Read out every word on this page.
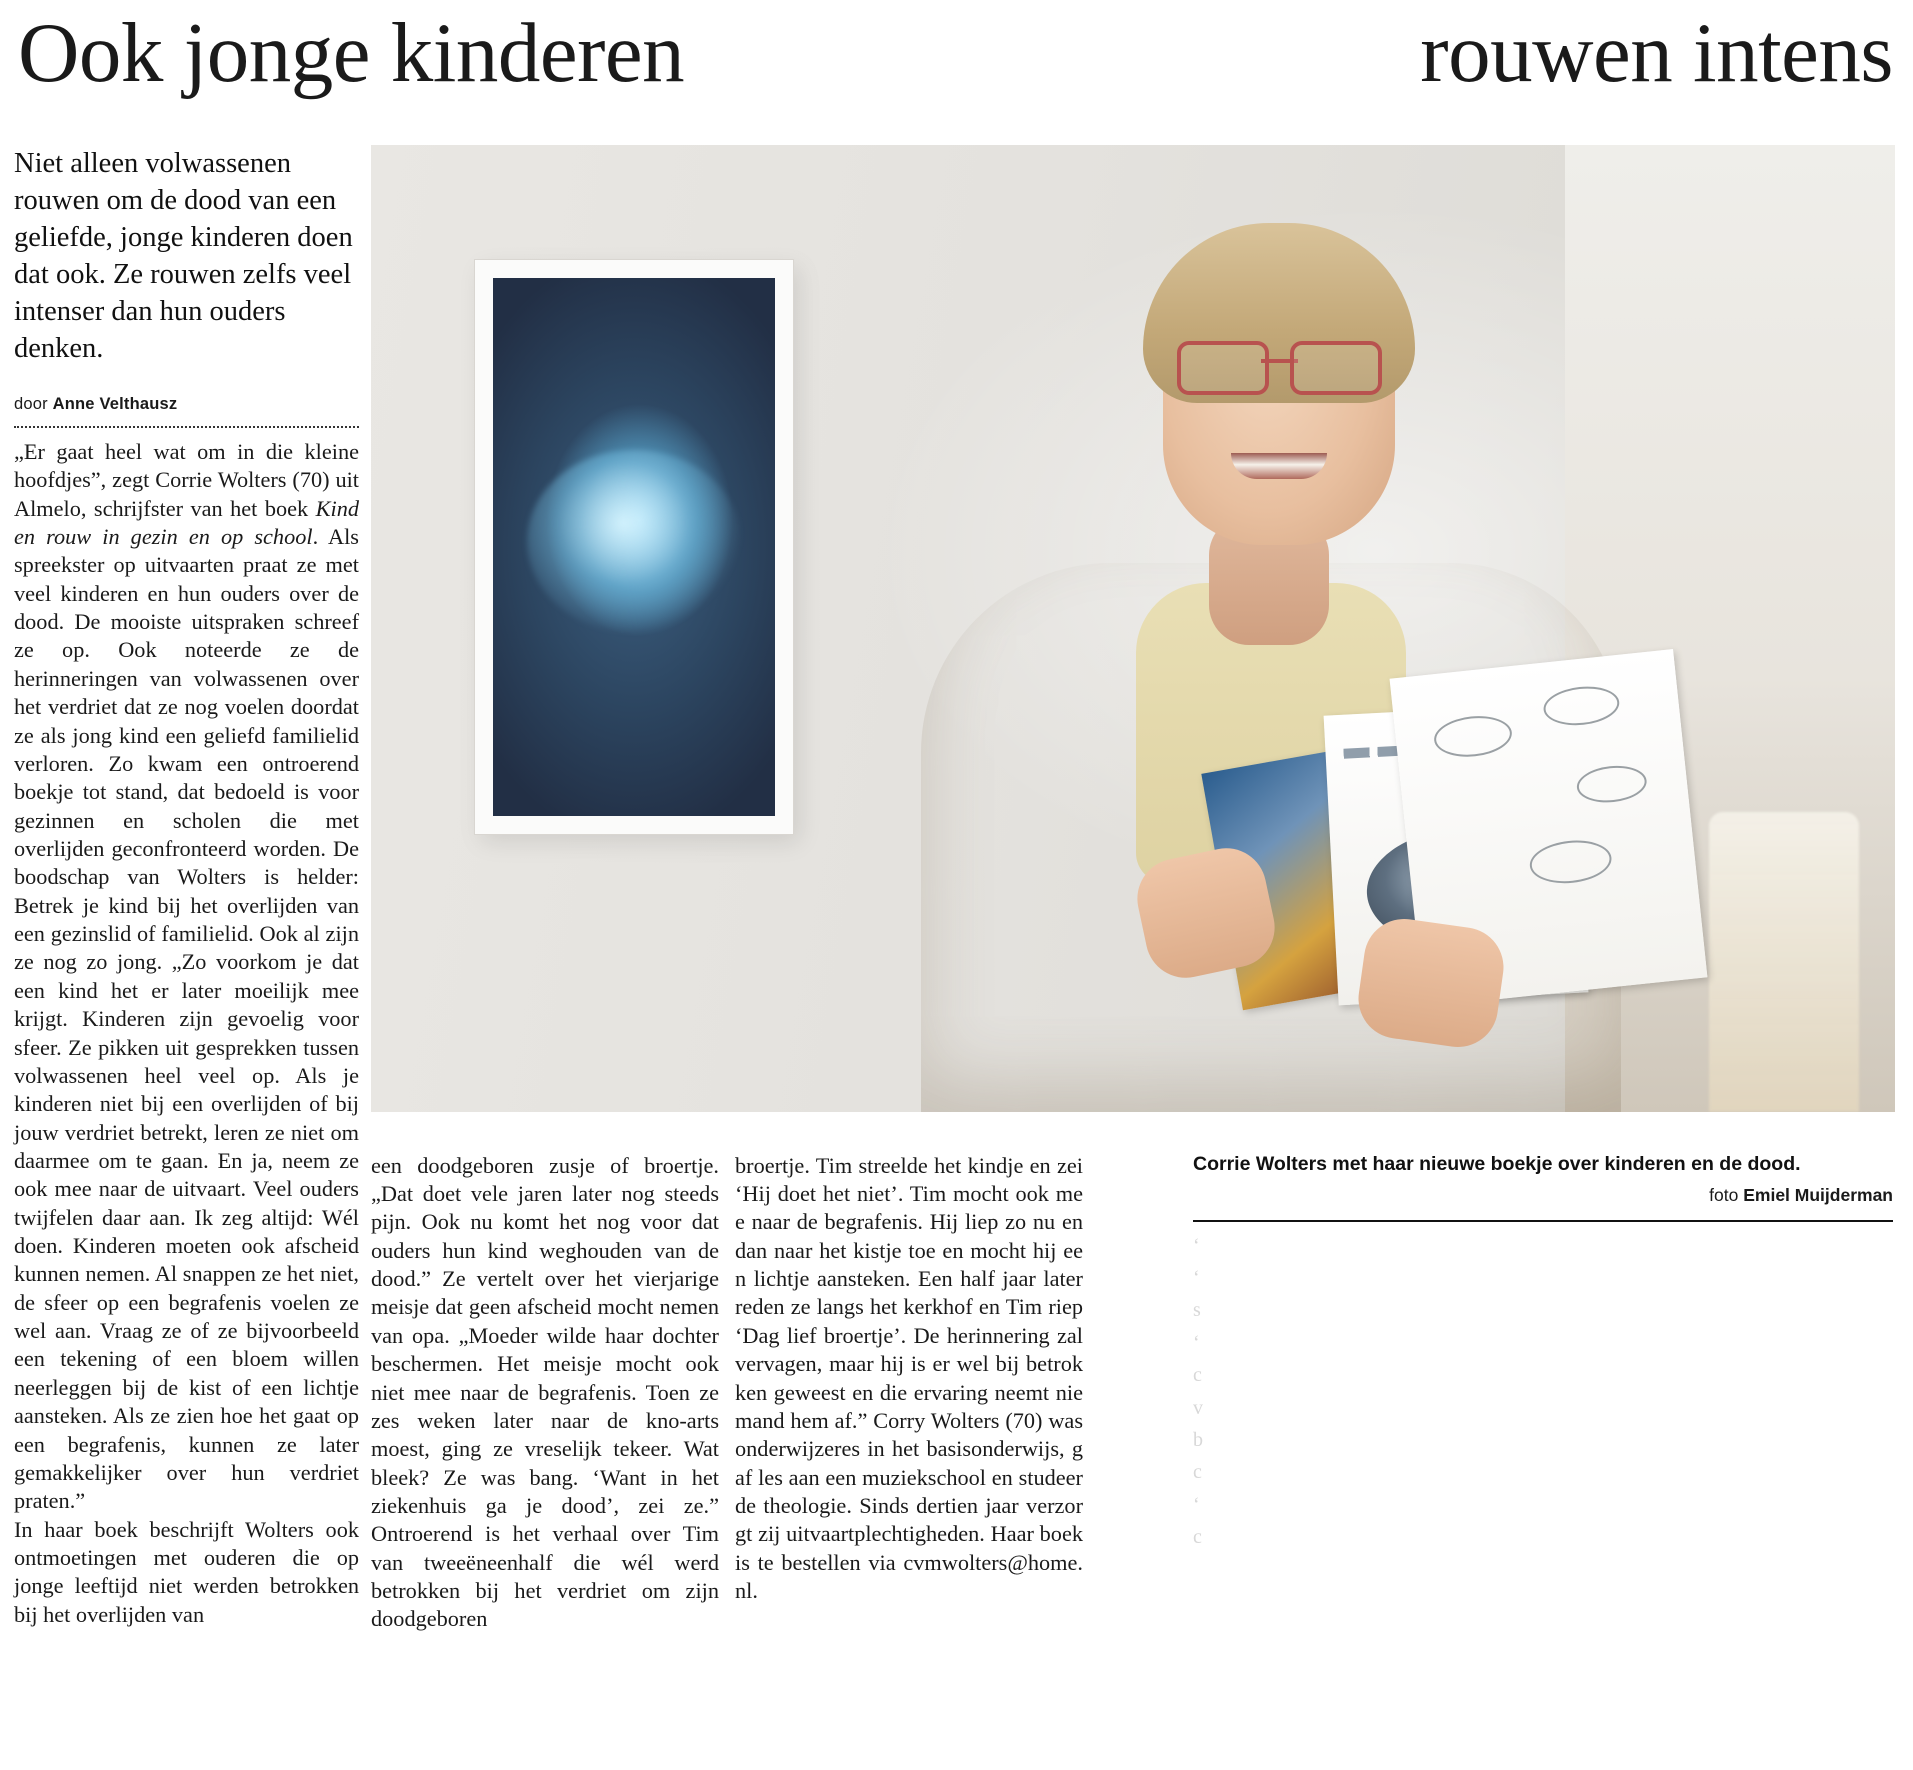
Ook jonge kinderen	rouwen intens
Niet alleen volwassenen rouwen om de dood van een geliefde, jonge kinderen doen dat ook. Ze rouwen zelfs veel intenser dan hun ouders denken.
door Anne Velthausz

„Er gaat heel wat om in die kleine hoofdjes”, zegt Corrie Wolters (70) uit Almelo, schrijfster van het boek Kind en rouw in gezin en op school. Als spreekster op uitvaarten praat ze met veel kinderen en hun ouders over de dood. De mooiste uitspraken schreef ze op. Ook noteerde ze de herinneringen van volwassenen over het verdriet dat ze nog voelen doordat ze als jong kind een geliefd familielid verloren. Zo kwam een ontroerend boekje tot stand, dat bedoeld is voor gezinnen en scholen die met overlijden geconfronteerd worden. De boodschap van Wolters is helder: Betrek je kind bij het overlijden van een gezinslid of familielid. Ook al zijn ze nog zo jong. „Zo voorkom je dat een kind het er later moeilijk mee krijgt. Kinderen zijn gevoelig voor sfeer. Ze pikken uit gesprekken tussen volwassenen heel veel op. Als je kinderen niet bij een overlijden of bij jouw verdriet betrekt, leren ze niet om daarmee om te gaan. En ja, neem ze ook mee naar de uitvaart. Veel ouders twijfelen daar aan. Ik zeg altijd: Wél doen. Kinderen moeten ook afscheid kunnen nemen. Al snappen ze het niet, de sfeer op een begrafenis voelen ze wel aan. Vraag ze of ze bijvoorbeeld een tekening of een bloem willen neerleggen bij de kist of een lichtje aansteken. Als ze zien hoe het gaat op een begrafenis, kunnen ze later gemakkelijker over hun verdriet praten.”

In haar boek beschrijft Wolters ook ontmoetingen met ouderen die op jonge leeftijd niet werden betrokken bij het overlijden van

een doodgeboren zusje of broertje. „Dat doet vele jaren later nog steeds pijn. Ook nu komt het nog voor dat ouders hun kind weghouden van de dood.” Ze vertelt over het vierjarige meisje dat geen afscheid mocht nemen van opa. „Moeder wilde haar dochter beschermen. Het meisje mocht ook niet mee naar de begrafenis. Toen ze zes weken later naar de kno-arts moest, ging ze vreselijk tekeer. Wat bleek? Ze was bang. ‘Want in het ziekenhuis ga je dood’, zei ze.” Ontroerend is het verhaal over Tim van tweeëneenhalf die wél werd betrokken bij het verdriet om zijn doodgeboren

broertje. Tim streelde het kindje en zei ‘Hij doet het niet’. Tim mocht ook mee naar de begrafenis. Hij liep zo nu en dan naar het kistje toe en mocht hij een lichtje aansteken. Een half jaar later reden ze langs het kerkhof en Tim riep ‘Dag lief broertje’. De herinnering zal vervagen, maar hij is er wel bij betrokken geweest en die ervaring neemt niemand hem af.” Corry Wolters (70) was onderwijzeres in het basisonderwijs, gaf les aan een muziekschool en studeerde theologie. Sinds dertien jaar verzorgt zij uitvaartplechtigheden. Haar boek is te bestellen via cvmwolters@home.nl.

Corrie Wolters met haar nieuwe boekje over kinderen en de dood.
foto Emiel Muijderman
‘
‘
s
‘
c
v
b
c
‘
c
